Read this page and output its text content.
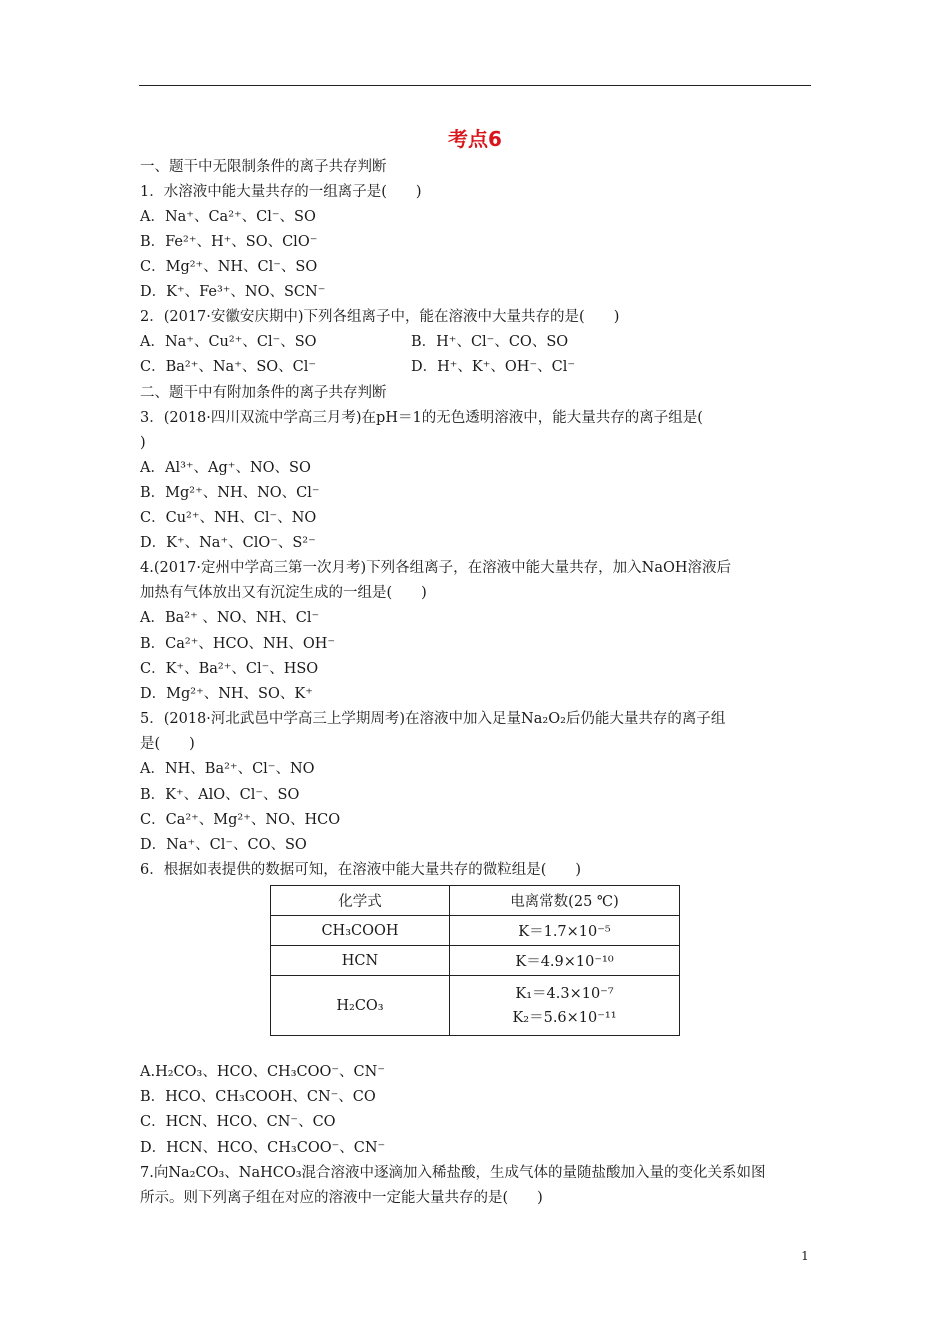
考点6
一、题干中无限制条件的离子共存判断
1．水溶液中能大量共存的一组离子是(　　)
A．Na⁺、Ca²⁺、Cl⁻、SO
B．Fe²⁺、H⁺、SO、ClO⁻
C．Mg²⁺、NH、Cl⁻、SO
D．K⁺、Fe³⁺、NO、SCN⁻
2．(2017·安徽安庆期中)下列各组离子中，能在溶液中大量共存的是(　　)
A．Na⁺、Cu²⁺、Cl⁻、SO	B．H⁺、Cl⁻、CO、SO
C．Ba²⁺、Na⁺、SO、Cl⁻	D．H⁺、K⁺、OH⁻、Cl⁻
二、题干中有附加条件的离子共存判断
3．(2018·四川双流中学高三月考)在pH＝1的无色透明溶液中，能大量共存的离子组是(
)
A．Al³⁺、Ag⁺、NO、SO
B．Mg²⁺、NH、NO、Cl⁻
C．Cu²⁺、NH、Cl⁻、NO
D．K⁺、Na⁺、ClO⁻、S²⁻
4.(2017·定州中学高三第一次月考)下列各组离子，在溶液中能大量共存，加入NaOH溶液后
加热有气体放出又有沉淀生成的一组是(　　)
A．Ba²⁺ 、NO、NH、Cl⁻
B．Ca²⁺、HCO、NH、OH⁻
C．K⁺、Ba²⁺、Cl⁻、HSO
D．Mg²⁺、NH、SO、K⁺
5．(2018·河北武邑中学高三上学期周考)在溶液中加入足量Na₂O₂后仍能大量共存的离子组
是(　　)
A．NH、Ba²⁺、Cl⁻、NO
B．K⁺、AlO、Cl⁻、SO
C．Ca²⁺、Mg²⁺、NO、HCO
D．Na⁺、Cl⁻、CO、SO
6．根据如表提供的数据可知，在溶液中能大量共存的微粒组是(　　)
化学式	电离常数(25 ℃)
CH₃COOH	K＝1.7×10⁻⁵
HCN	K＝4.9×10⁻¹⁰
H₂CO₃	K₁＝4.3×10⁻⁷
K₂＝5.6×10⁻¹¹
A.H₂CO₃、HCO、CH₃COO⁻、CN⁻
B．HCO、CH₃COOH、CN⁻、CO
C．HCN、HCO、CN⁻、CO
D．HCN、HCO、CH₃COO⁻、CN⁻
7.向Na₂CO₃、NaHCO₃混合溶液中逐滴加入稀盐酸，生成气体的量随盐酸加入量的变化关系如图
所示。则下列离子组在对应的溶液中一定能大量共存的是(　　)
1
